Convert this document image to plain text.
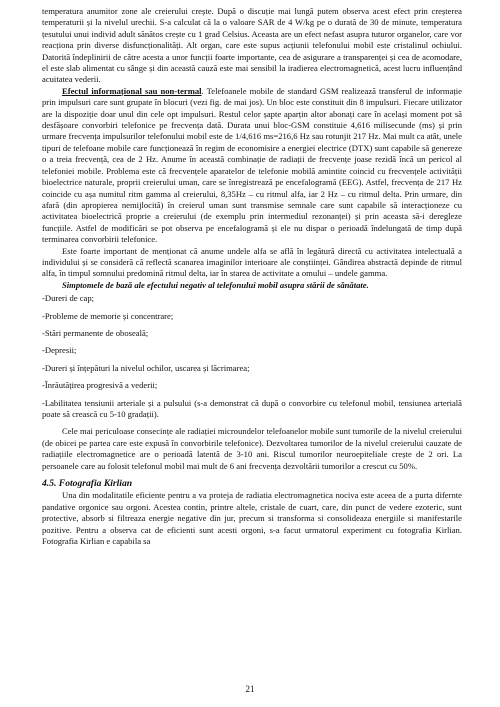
temperatura anumitor zone ale creierului crește. După o discuție mai lungă putem observa acest efect prin creșterea temperaturii și la nivelul urechii. S-a calculat că la o valoare SAR de 4 W/kg pe o durată de 30 de minute, temperatura țesutului unui individ adult sănătos crește cu 1 grad Celsius. Aceasta are un efect nefast asupra tuturor organelor, care vor reacționa prin diverse disfuncționalități. Alt organ, care este supus acțiunii telefonului mobil este cristalinul ochiului. Datorită îndeplinirii de către acesta a unor funcții foarte importante, cea de asigurare a transparenței și cea de acomodare, el este slab alimentat cu sânge și din această cauză este mai sensibil la iradierea electromagnetică, acest lucru influențând acuitatea vederii.

Efectul informațional sau non-termal. Telefoanele mobile de standard GSM realizează transferul de informație prin impulsuri care sunt grupate în blocuri (vezi fig. de mai jos). Un bloc este constituit din 8 impulsuri. Fiecare utilizator are la dispoziție doar unul din cele opt impulsuri. Restul celor șapte aparțin altor abonați care în același moment pot să desfășoare convorbiri telefonice pe frecvența dată. Durata unui bloc-GSM constituie 4,616 milisecunde (ms) și prin urmare frecvența impulsurilor telefonului mobil este de 1/4,616 ms=216,6 Hz sau rotunjit 217 Hz. Mai mult ca atât, unele tipuri de telefoane mobile care funcționează în regim de economisire a energiei electrice (DTX) sunt capabile să genereze o a treia frecvență, cea de 2 Hz. Anume în această combinație de radiații de frecvențe joase rezidă încă un pericol al telefoniei mobile. Problema este că frecvențele aparatelor de telefonie mobilă amintite coincid cu frecvențele activității bioelectrice naturale, proprii creierului uman, care se înregistrează pe encefalogramă (EEG). Astfel, frecvența de 217 Hz coincide cu așa numitul ritm gamma al creierului, 8,35Hz – cu ritmul alfa, iar 2 Hz – cu ritmul delta. Prin urmare, din afară (din apropierea nemijlocită) în creierul uman sunt transmise semnale care sunt capabile să interacționeze cu activitatea bioelectrică proprie a creierului (de exemplu prin intermediul rezonanței) și prin aceasta să-i deregleze funcțiile. Astfel de modificări se pot observa pe encefalogramă și ele nu dispar o perioadă îndelungată de timp după terminarea convorbirii telefonice.

Este foarte important de menționat că anume undele alfa se află în legătură directă cu activitatea intelectuală a individului și se consideră că reflectă scanarea imaginilor interioare ale conștiinței. Gândirea abstractă depinde de ritmul alfa, în timpul somnului predomină ritmul delta, iar în starea de activitate a omului – undele gamma.

Simptomele de bază ale efectului negativ al telefonului mobil asupra stării de sănătate.

-Dureri de cap;

-Probleme de memorie și concentrare;

-Stări permanente de oboseală;

-Depresii;

-Dureri și înțepături la nivelul ochilor, uscarea și lăcrimarea;

-Înrăutățirea progresivă a vederii;

-Labilitatea tensiunii arteriale și a pulsului (s-a demonstrat că după o convorbire cu telefonul mobil, tensiunea arterială poate să crească cu 5-10 gradații).

Cele mai periculoase consecințe ale radiației microundelor telefoanelor mobile sunt tumorile de la nivelul creierului (de obicei pe partea care este expusă în convorbirile telefonice). Dezvoltarea tumorilor de la nivelul creierului cauzate de radiațiile electromagnetice are o perioadă latentă de 3-10 ani. Riscul tumorilor neuroepiteliale crește de 2 ori. La persoanele care au folosit telefonul mobil mai mult de 6 ani frecvența dezvoltării tumorilor a crescut cu 50%.

4.5. Fotografia Kirlian

Una din modalitatile eficiente pentru a va proteja de radiatia electromagnetica nociva este aceea de a purta difernte pandative orgonice sau orgoni. Acestea contin, printre altele, cristale de cuart, care, din punct de vedere ezoteric, sunt protective, absorb si filtreaza energie negative din jur, precum si transforma si consolideaza energiile si manifestarile pozitive. Pentru a observa cat de eficienti sunt acesti orgoni, s-a facut urmatorul experiment cu fotografia Kirlian. Fotografia Kirlian e capabila sa

21
